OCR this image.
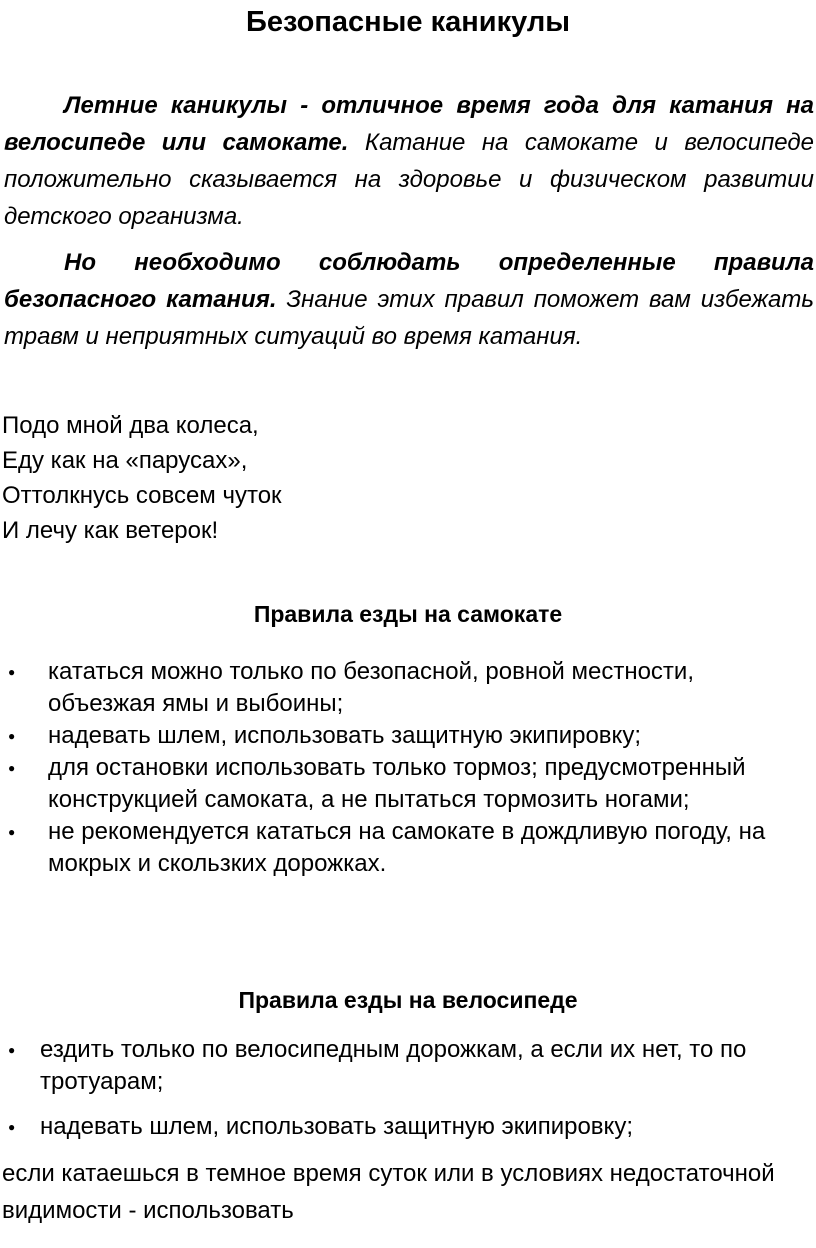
Безопасные каникулы

Летние каникулы - отличное время года для катания на велосипеде или самокате. Катание на самокате и велосипеде положительно сказывается на здоровье и физическом развитии детского организма.

Но необходимо соблюдать определенные правила безопасного катания. Знание этих правил поможет вам избежать травм и неприятных ситуаций во время катания.

Подо мной два колеса,
Еду как на «парусах»,
Оттолкнусь совсем чуток
И лечу как ветерок!
Правила езды на самокате
● кататься можно только по безопасной, ровной местности, объезжая ямы и выбоины;
● надевать шлем, использовать защитную экипировку;
● для остановки использовать только тормоз; предусмотренный конструкцией самоката, а не пытаться тормозить ногами;
● не рекомендуется кататься на самокате в дождливую погоду, на мокрых и скользких дорожках.
Правила езды на велосипеде
● ездить только по велосипедным дорожкам, а если их нет, то по тротуарам;
● надевать шлем, использовать защитную экипировку;

если катаешься в темное время суток или в условиях недостаточной видимости - использовать
